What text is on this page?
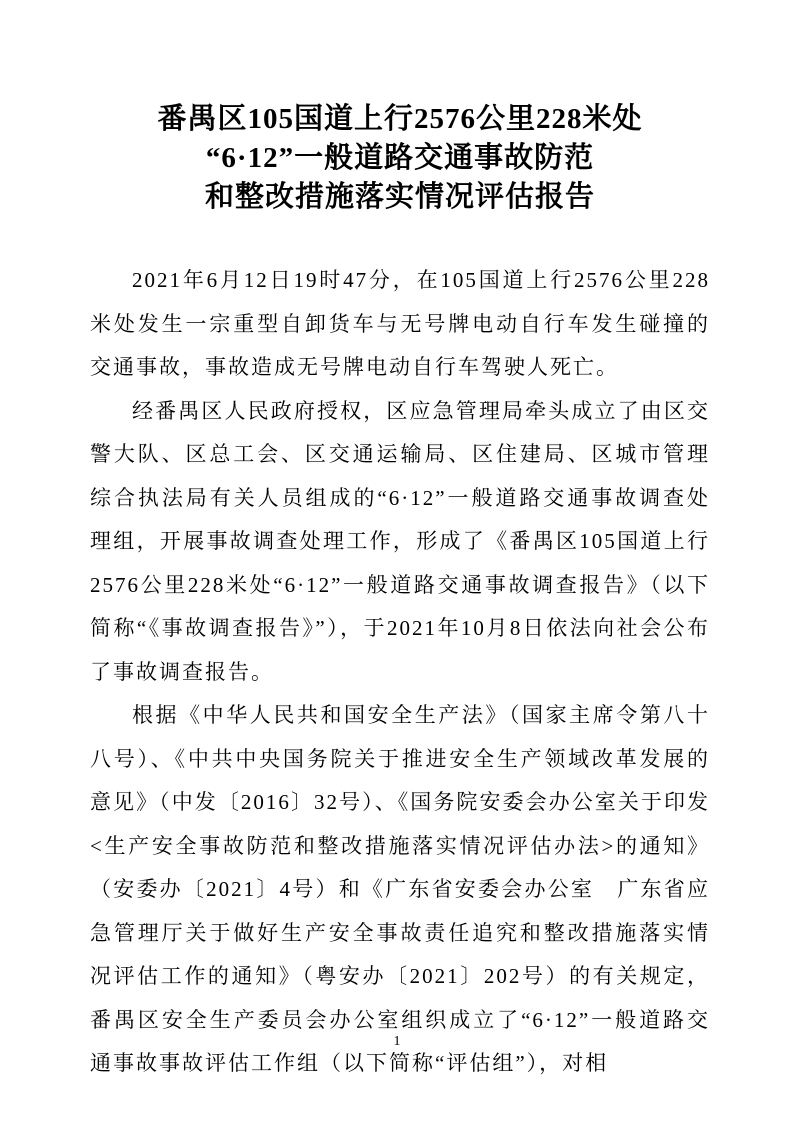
番禺区105国道上行2576公里228米处
“6·12”一般道路交通事故防范
和整改措施落实情况评估报告

2021年6月12日19时47分，在105国道上行2576公里228米处发生一宗重型自卸货车与无号牌电动自行车发生碰撞的交通事故，事故造成无号牌电动自行车驾驶人死亡。

经番禺区人民政府授权，区应急管理局牵头成立了由区交警大队、区总工会、区交通运输局、区住建局、区城市管理综合执法局有关人员组成的“6·12”一般道路交通事故调查处理组，开展事故调查处理工作，形成了《番禺区105国道上行2576公里228米处“6·12”一般道路交通事故调查报告》（以下简称“《事故调查报告》”），于2021年10月8日依法向社会公布了事故调查报告。

根据《中华人民共和国安全生产法》（国家主席令第八十八号）、《中共中央国务院关于推进安全生产领域改革发展的意见》（中发〔2016〕32号）、《国务院安委会办公室关于印发<生产安全事故防范和整改措施落实情况评估办法>的通知》（安委办〔2021〕4号）和《广东省安委会办公室　广东省应急管理厅关于做好生产安全事故责任追究和整改措施落实情况评估工作的通知》（粤安办〔2021〕202号）的有关规定，番禺区安全生产委员会办公室组织成立了“6·12”一般道路交通事故事故评估工作组（以下简称“评估组”），对相

1
